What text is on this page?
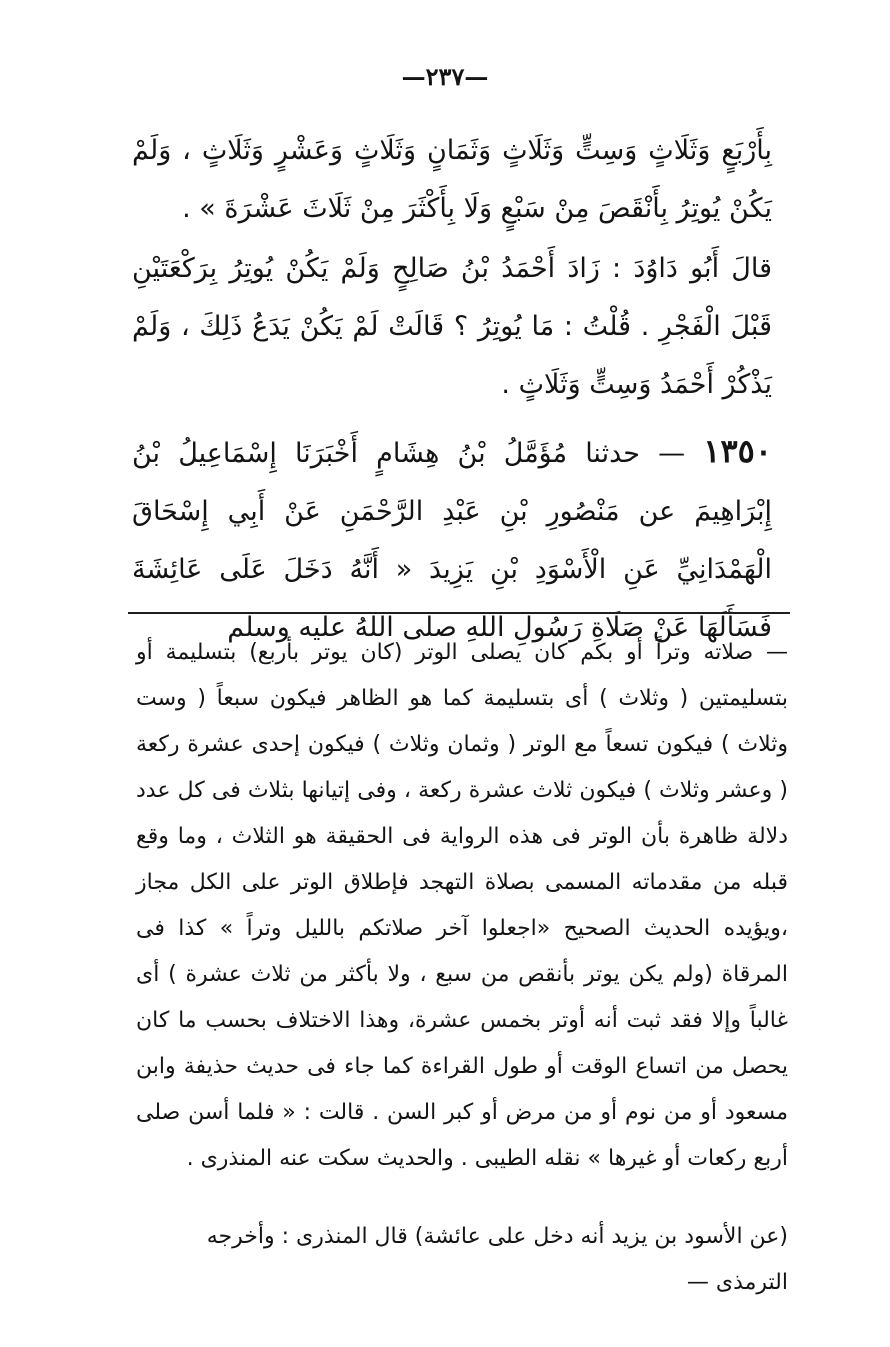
—٢٣٧—

بِأَرْبَعٍ وَثَلَاثٍ وَسِتٍّ وَثَلَاثٍ وَثَمَانٍ وَثَلَاثٍ وَعَشْرٍ وَثَلَاثٍ ، وَلَمْ يَكُنْ يُوتِرُ بِأَنْقَصَ مِنْ سَبْعٍ وَلَا بِأَكْثَرَ مِنْ ثَلَاثَ عَشْرَةَ » .

قالَ أَبُو دَاوُدَ : زَادَ أَحْمَدُ بْنُ صَالِحٍ وَلَمْ يَكُنْ يُوتِرُ بِرَكْعَتَيْنِ قَبْلَ الْفَجْرِ . قُلْتُ : مَا يُوتِرُ ؟ قَالَتْ لَمْ يَكُنْ يَدَعُ ذَلِكَ ، وَلَمْ يَذْكُرْ أَحْمَدُ وَسِتٍّ وَثَلَاثٍ .

١٣٥٠ — حدثنا مُؤَمَّلُ بْنُ هِشَامٍ أَخْبَرَنَا إِسْمَاعِيلُ بْنُ إِبْرَاهِيمَ عن مَنْصُورِ بْنِ عَبْدِ الرَّحْمَنِ عَنْ أَبِي إِسْحَاقَ الْهَمْدَانِيِّ عَنِ الْأَسْوَدِ بْنِ يَزِيدَ « أَنَّهُ دَخَلَ عَلَى عَائِشَةَ فَسَأَلَهَا عَنْ صَلَاةِ رَسُولِ اللهِ صلى اللهُ عليه وسلم

— صلاته وتراً أو بكم كان يصلى الوتر (كان يوتر بأربع) بتسليمة أو بتسليمتين ( وثلاث ) أى بتسليمة كما هو الظاهر فيكون سبعاً ( وست وثلاث ) فيكون تسعاً مع الوتر ( وثمان وثلاث ) فيكون إحدى عشرة ركعة ( وعشر وثلاث ) فيكون ثلاث عشرة ركعة ، وفى إتيانها بثلاث فى كل عدد دلالة ظاهرة بأن الوتر فى هذه الرواية فى الحقيقة هو الثلاث ، وما وقع قبله من مقدماته المسمى بصلاة التهجد فإطلاق الوتر على الكل مجاز ،ويؤيده الحديث الصحيح «اجعلوا آخر صلاتكم بالليل وتراً » كذا فى المرقاة (ولم يكن يوتر بأنقص من سبع ، ولا بأكثر من ثلاث عشرة ) أى غالباً وإلا فقد ثبت أنه أوتر بخمس عشرة، وهذا الاختلاف بحسب ما كان يحصل من اتساع الوقت أو طول القراءة كما جاء فى حديث حذيفة وابن مسعود أو من نوم أو من مرض أو كبر السن . قالت : « فلما أسن صلى أربع ركعات أو غيرها » نقله الطيبى . والحديث سكت عنه المنذرى .

(عن الأسود بن يزيد أنه دخل على عائشة) قال المنذرى : وأخرجه الترمذى —
